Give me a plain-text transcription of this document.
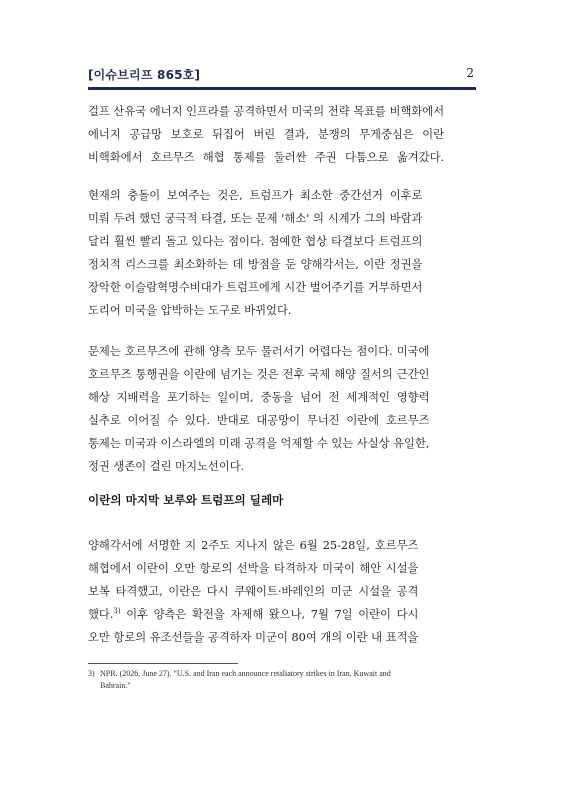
[이슈브리프 865호]	2

걸프 산유국 에너지 인프라를 공격하면서 미국의 전략 목표를 비핵화에서
에너지 공급망 보호로 뒤집어 버린 결과, 분쟁의 무게중심은 이란
비핵화에서 호르무즈 해협 통제를 둘러싼 주권 다툼으로 옮겨갔다.

현재의 충돌이 보여주는 것은, 트럼프가 최소한 중간선거 이후로
미뤄 두려 했던 궁극적 타결, 또는 문제 '해소' 의 시계가 그의 바람과
달리 훨씬 빨리 돌고 있다는 점이다. 첨예한 협상 타결보다 트럼프의
정치적 리스크를 최소화하는 데 방점을 둔 양해각서는, 이란 정권을
장악한 이슬람혁명수비대가 트럼프에게 시간 벌어주기를 거부하면서
도리어 미국을 압박하는 도구로 바뀌었다.

문제는 호르무즈에 관해 양측 모두 물러서기 어렵다는 점이다. 미국에
호르무즈 통행권을 이란에 넘기는 것은 전후 국제 해양 질서의 근간인
해상 지배력을 포기하는 일이며, 중동을 넘어 전 세계적인 영향력
실추로 이어질 수 있다. 반대로 대공망이 무너진 이란에 호르무즈
통제는 미국과 이스라엘의 미래 공격을 억제할 수 있는 사실상 유일한,
정권 생존이 걸린 마지노선이다.

이란의 마지막 보루와 트럼프의 딜레마

양해각서에 서명한 지 2주도 지나지 않은 6월 25-28일, 호르무즈
해협에서 이란이 오만 항로의 선박을 타격하자 미국이 해안 시설을
보복 타격했고, 이란은 다시 쿠웨이트·바레인의 미군 시설을 공격
했다.$^{3)}$ 이후 양측은 확전을 자제해 왔으나, 7월 7일 이란이 다시
오만 항로의 유조선들을 공격하자 미군이 80여 개의 이란 내 표적을

3) NPR. (2026, June 27). "U.S. and Iran each announce retaliatory strikes in Iran, Kuwait and
Bahrain."
